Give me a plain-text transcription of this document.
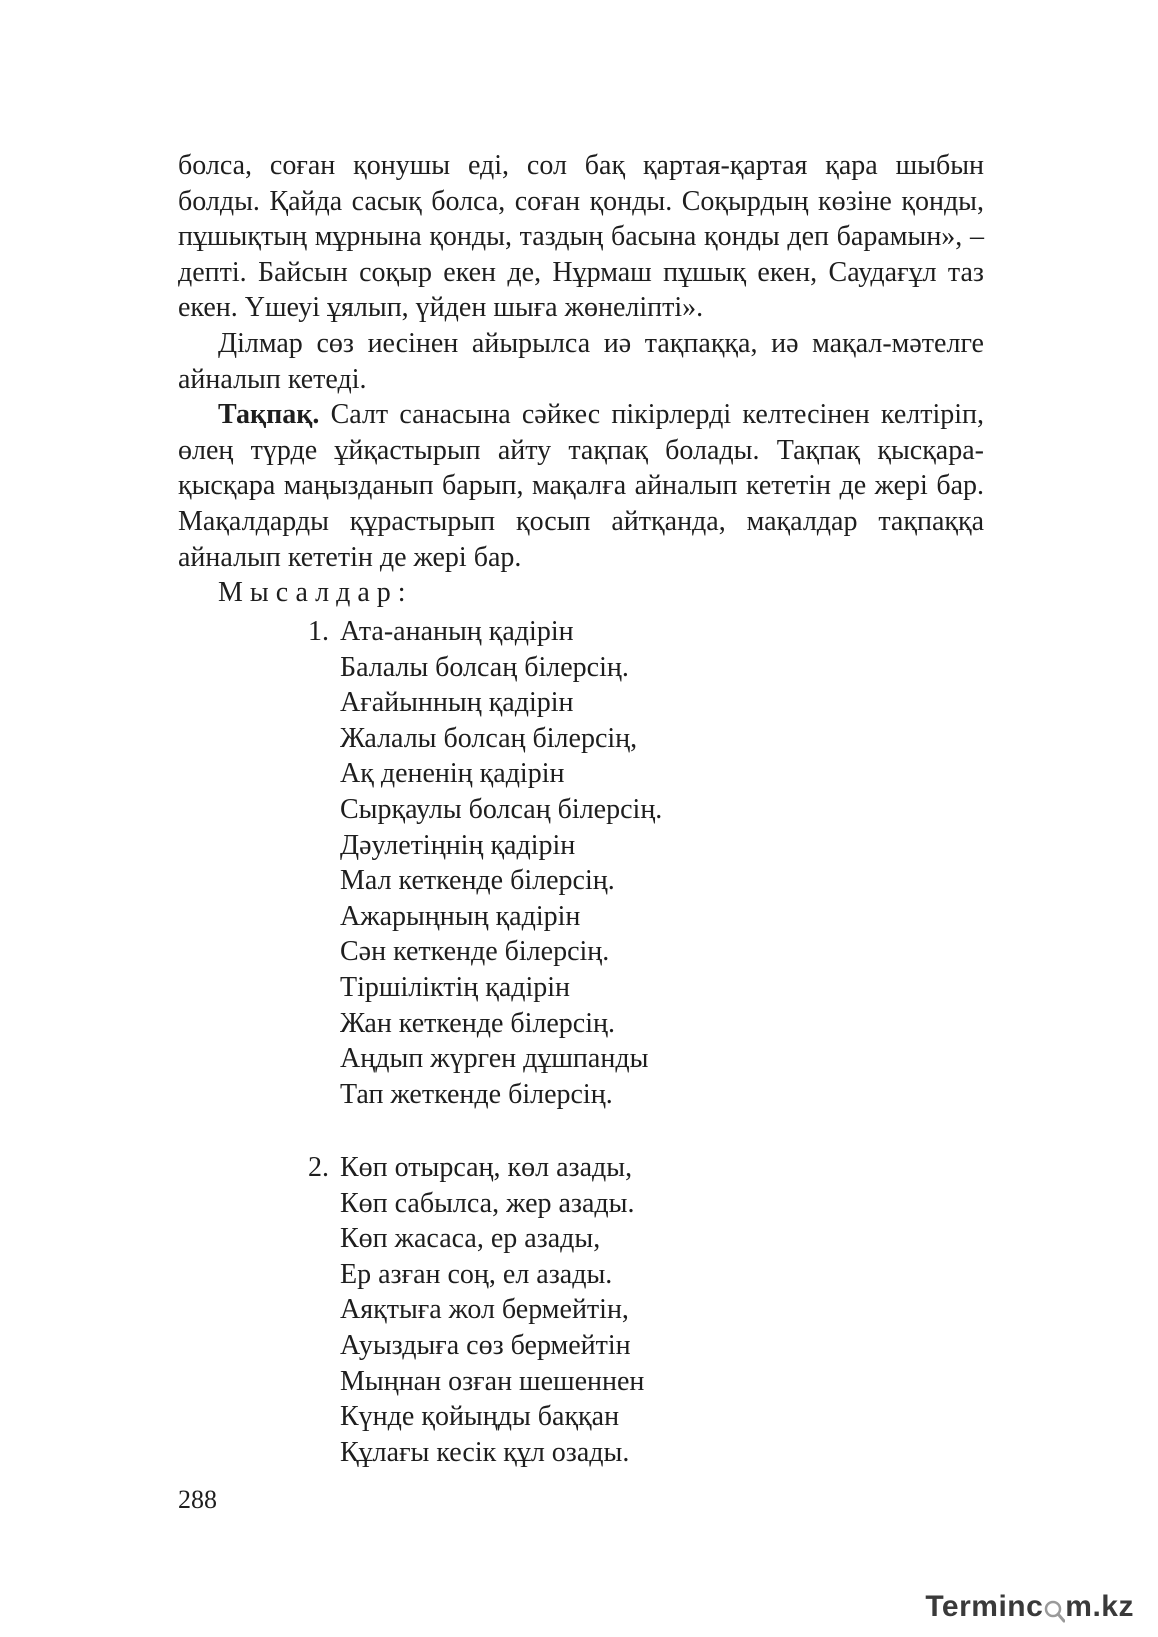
болса, соған қонушы еді, сол бақ қартая-қартая қара шыбын болды. Қайда сасық болса, соған қонды. Соқырдың көзіне қонды, пұшықтың мұрнына қонды, таздың басына қонды деп барамын», – депті. Байсын соқыр екен де, Нұрмаш пұшық екен, Саудағұл таз екен. Үшеуі ұялып, үйден шыға жөнеліпті».

Ділмар сөз иесінен айырылса иә тақпаққа, иә мақал-мәтелге айналып кетеді.

Тақпақ. Салт санасына сәйкес пікірлерді келтесінен келтіріп, өлең түрде ұйқастырып айту тақпақ болады. Тақпақ қысқара-қысқара маңызданып барып, мақалға айналып кететін де жері бар. Мақалдарды құрастырып қосып айтқанда, мақалдар тақпаққа айналып кететін де жері бар.

Мысалдар:

1. Ата-ананың қадірін
Балалы болсаң білерсің.
Ағайынның қадірін
Жалалы болсаң білерсің,
Ақ дененің қадірін
Сырқаулы болсаң білерсің.
Дәулетіңнің қадірін
Мал кеткенде білерсің.
Ажарыңның қадірін
Сән кеткенде білерсің.
Тіршіліктің қадірін
Жан кеткенде білерсің.
Аңдып жүрген дұшпанды
Тап жеткенде білерсің.
2. Көп отырсаң, көл азады,
Көп сабылса, жер азады.
Көп жасаса, ер азады,
Ер азған соң, ел азады.
Аяқтыға жол бермейтін,
Ауыздыға сөз бермейтін
Мыңнан озған шешеннен
Күнде қойыңды баққан
Құлағы кесік құл озады.
288
Terminc m.kz
